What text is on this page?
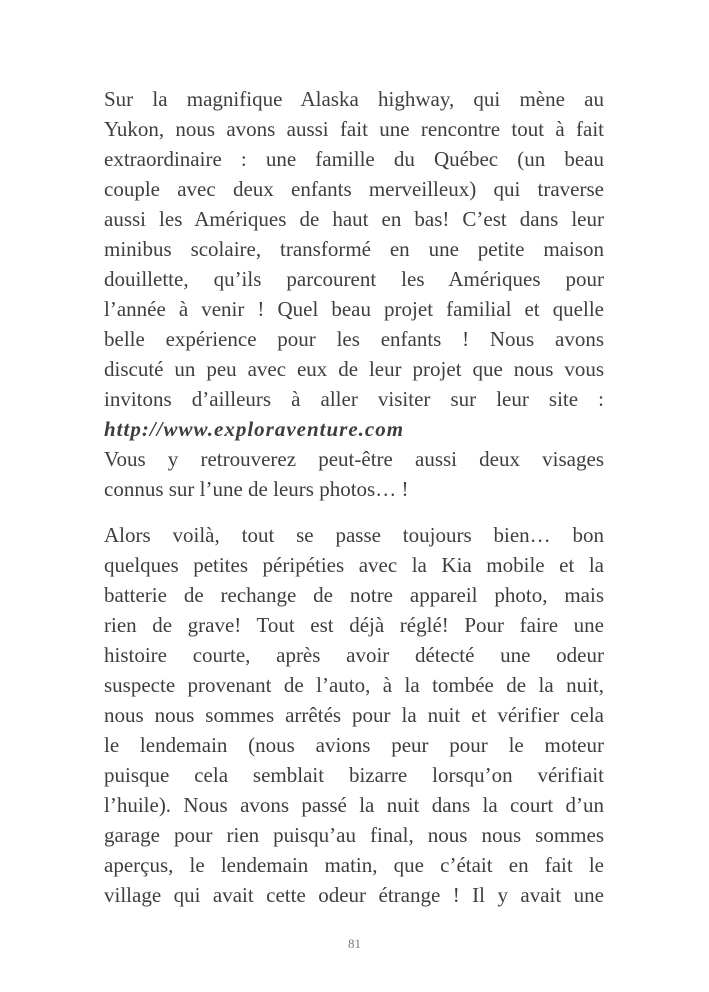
Sur la magnifique Alaska highway, qui mène au
Yukon, nous avons aussi fait une rencontre tout à fait
extraordinaire : une famille du Québec (un beau
couple avec deux enfants merveilleux) qui traverse
aussi les Amériques de haut en bas! C’est dans leur
minibus scolaire, transformé en une petite maison
douillette, qu’ils parcourent les Amériques pour
l’année à venir ! Quel beau projet familial et quelle
belle expérience pour les enfants ! Nous avons
discuté un peu avec eux de leur projet que nous vous
invitons d’ailleurs à aller visiter sur leur site :
http://www.exploraventure.com
Vous y retrouverez peut-être aussi deux visages
connus sur l’une de leurs photos… !
Alors voilà, tout se passe toujours bien… bon
quelques petites péripéties avec la Kia mobile et la
batterie de rechange de notre appareil photo, mais
rien de grave! Tout est déjà réglé! Pour faire une
histoire courte, après avoir détecté une odeur
suspecte provenant de l’auto, à la tombée de la nuit,
nous nous sommes arrêtés pour la nuit et vérifier cela
le lendemain (nous avions peur pour le moteur
puisque cela semblait bizarre lorsqu’on vérifiait
l’huile). Nous avons passé la nuit dans la court d’un
garage pour rien puisqu’au final, nous nous sommes
aperçus, le lendemain matin, que c’était en fait le
village qui avait cette odeur étrange ! Il y avait une
81
